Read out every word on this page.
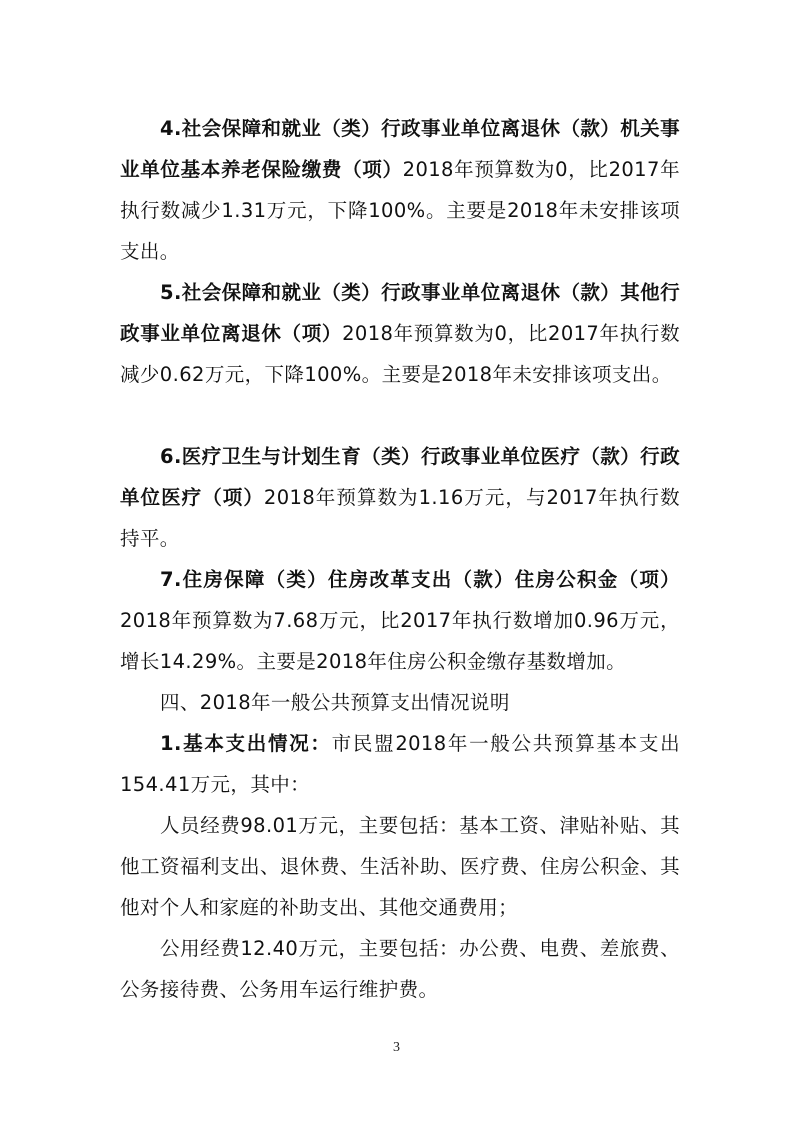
4.社会保障和就业（类）行政事业单位离退休（款）机关事业单位基本养老保险缴费（项）2018年预算数为0，比2017年执行数减少1.31万元，下降100%。主要是2018年未安排该项支出。

5.社会保障和就业（类）行政事业单位离退休（款）其他行政事业单位离退休（项）2018年预算数为0，比2017年执行数减少0.62万元，下降100%。主要是2018年未安排该项支出。

6.医疗卫生与计划生育（类）行政事业单位医疗（款）行政单位医疗（项）2018年预算数为1.16万元，与2017年执行数持平。

7.住房保障（类）住房改革支出（款）住房公积金（项）2018年预算数为7.68万元，比2017年执行数增加0.96万元，增长14.29%。主要是2018年住房公积金缴存基数增加。

四、2018年一般公共预算支出情况说明

1.基本支出情况：市民盟2018年一般公共预算基本支出154.41万元，其中：

人员经费98.01万元，主要包括：基本工资、津贴补贴、其他工资福利支出、退休费、生活补助、医疗费、住房公积金、其他对个人和家庭的补助支出、其他交通费用；

公用经费12.40万元，主要包括：办公费、电费、差旅费、公务接待费、公务用车运行维护费。

3
